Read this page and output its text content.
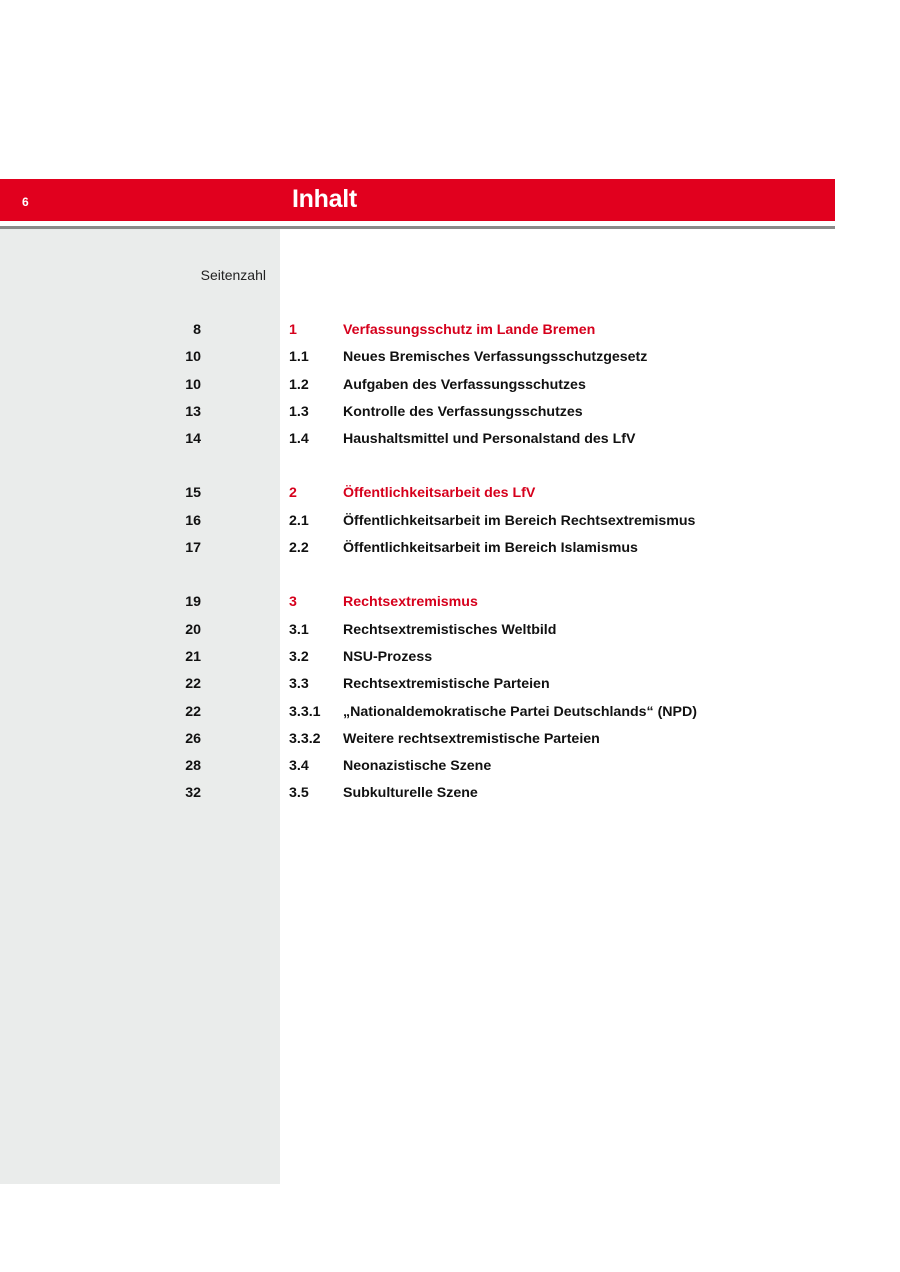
6	Inhalt
Seitenzahl
8	1	Verfassungsschutz im Lande Bremen
10	1.1 Neues Bremisches Verfassungsschutzgesetz
10	1.2 Aufgaben des Verfassungsschutzes
13	1.3 Kontrolle des Verfassungsschutzes
14	1.4 Haushaltsmittel und Personalstand des LfV
15	2	Öffentlichkeitsarbeit des LfV
16	2.1 Öffentlichkeitsarbeit im Bereich Rechtsextremismus
17	2.2 Öffentlichkeitsarbeit im Bereich Islamismus
19	3	Rechtsextremismus
20	3.1 Rechtsextremistisches Weltbild
21	3.2 NSU-Prozess
22	3.3 Rechtsextremistische Parteien
22	3.3.1 „Nationaldemokratische Partei Deutschlands“ (NPD)
26	3.3.2 Weitere rechtsextremistische Parteien
28	3.4 Neonazistische Szene
32	3.5 Subkulturelle Szene
